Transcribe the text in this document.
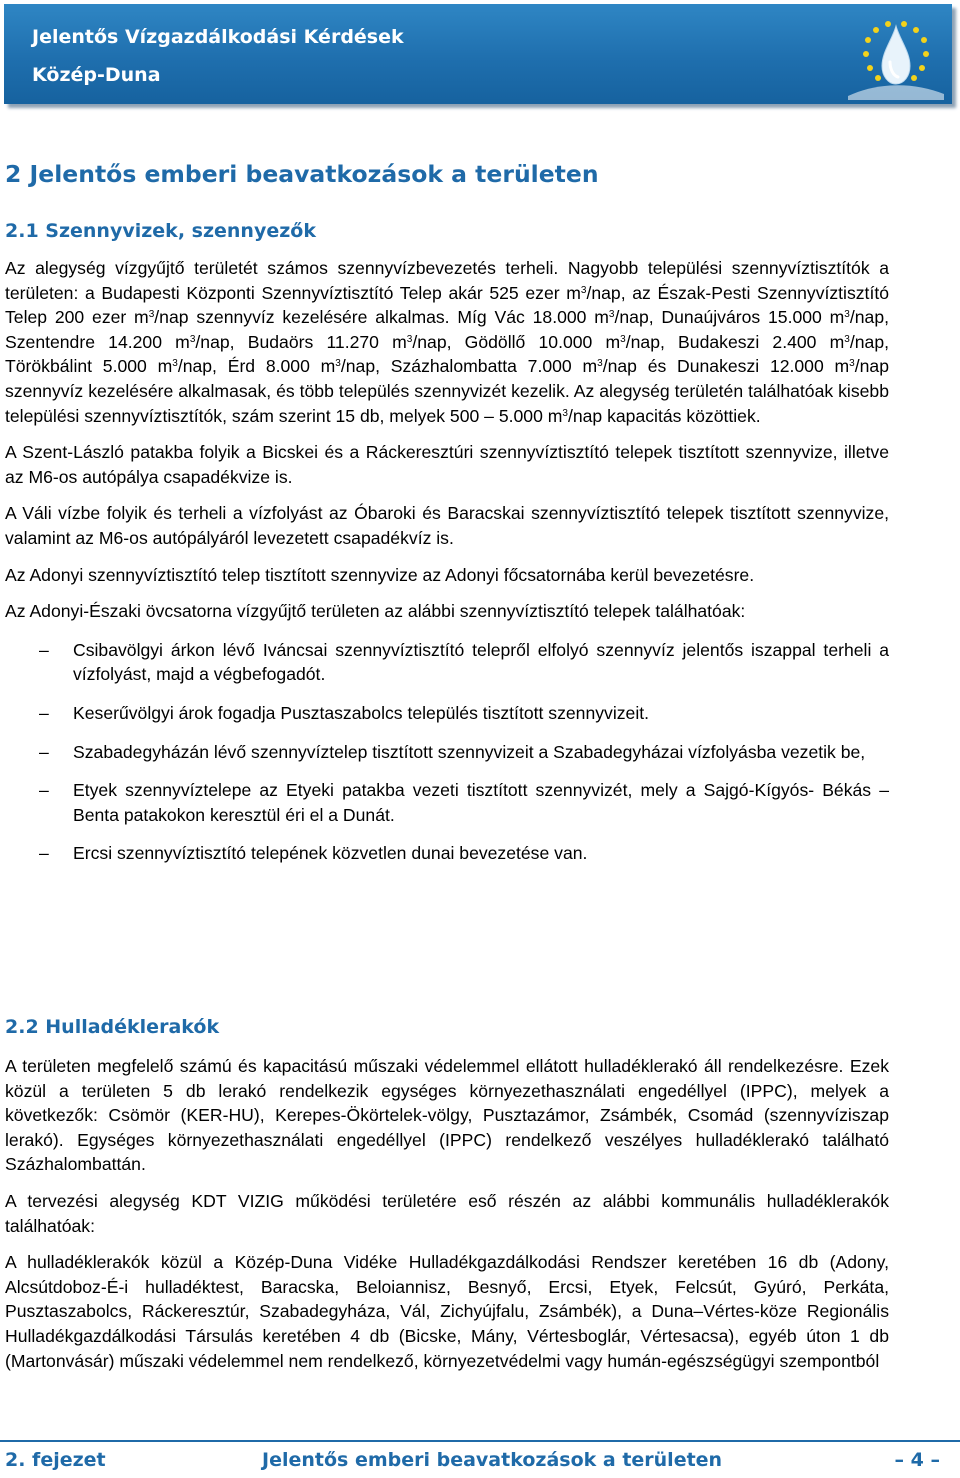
Jelentős Vízgazdálkodási Kérdések
Közép-Duna
2 Jelentős emberi beavatkozások a területen
2.1 Szennyvizek, szennyezők

Az alegység vízgyűjtő területét számos szennyvízbevezetés terheli. Nagyobb települési szennyvíztisztítók a területen: a Budapesti Központi Szennyvíztisztító Telep akár 525 ezer $m^3$/nap, az Észak-Pesti Szennyvíztisztító Telep 200 ezer $m^3$/nap szennyvíz kezelésére alkalmas. Míg Vác 18.000 $m^3$/nap, Dunaújváros 15.000 $m^3$/nap, Szentendre 14.200 $m^3$/nap, Budaörs 11.270 $m^3$/nap, Gödöllő 10.000 $m^3$/nap, Budakeszi 2.400 $m^3$/nap, Törökbálint 5.000 $m^3$/nap, Érd 8.000 $m^3$/nap, Százhalombatta 7.000 $m^3$/nap és Dunakeszi 12.000 $m^3$/nap szennyvíz kezelésére alkalmasak, és több település szennyvizét kezelik. Az alegység területén találhatóak kisebb települési szennyvíztisztítók, szám szerint 15 db, melyek 500 – 5.000 $m^3$/nap kapacitás közöttiek.

A Szent-László patakba folyik a Bicskei és a Ráckeresztúri szennyvíztisztító telepek tisztított szennyvize, illetve az M6-os autópálya csapadékvize is.

A Váli vízbe folyik és terheli a vízfolyást az Óbaroki és Baracskai szennyvíztisztító telepek tisztított szennyvize, valamint az M6-os autópályáról levezetett csapadékvíz is.

Az Adonyi szennyvíztisztító telep tisztított szennyvize az Adonyi főcsatornába kerül bevezetésre.

Az Adonyi-Északi övcsatorna vízgyűjtő területen az alábbi szennyvíztisztító telepek találhatóak:

– Csibavölgyi árkon lévő Iváncsai szennyvíztisztító telepről elfolyó szennyvíz jelentős iszappal terheli a vízfolyást, majd a végbefogadót.
– Keserűvölgyi árok fogadja Pusztaszabolcs település tisztított szennyvizeit.
– Szabadegyházán lévő szennyvíztelep tisztított szennyvizeit a Szabadegyházai vízfolyásba vezetik be,
– Etyek szennyvíztelepe az Etyeki patakba vezeti tisztított szennyvizét, mely a Sajgó-Kígyós- Békás – Benta patakokon keresztül éri el a Dunát.
– Ercsi szennyvíztisztító telepének közvetlen dunai bevezetése van.
2.2 Hulladéklerakók

A területen megfelelő számú és kapacitású műszaki védelemmel ellátott hulladéklerakó áll rendelkezésre. Ezek közül a területen 5 db lerakó rendelkezik egységes környezethasználati engedéllyel (IPPC), melyek a következők: Csömör (KER-HU), Kerepes-Ökörtelek-völgy, Pusztazámor, Zsámbék, Csomád (szennyvíziszap lerakó). Egységes környezethasználati engedéllyel (IPPC) rendelkező veszélyes hulladéklerakó található Százhalombattán.

A tervezési alegység KDT VIZIG működési területére eső részén az alábbi kommunális hulladéklerakók találhatóak:

A hulladéklerakók közül a Közép-Duna Vidéke Hulladékgazdálkodási Rendszer keretében 16 db (Adony, Alcsútdoboz-É-i hulladéktest, Baracska, Beloiannisz, Besnyő, Ercsi, Etyek, Felcsút, Gyúró, Perkáta, Pusztaszabolcs, Ráckeresztúr, Szabadegyháza, Vál, Zichyújfalu, Zsámbék), a Duna–Vértes-köze Regionális Hulladékgazdálkodási Társulás keretében 4 db (Bicske, Mány, Vértesboglár, Vértesacsa), egyéb úton 1 db (Martonvásár) műszaki védelemmel nem rendelkező, környezetvédelmi vagy humán-egészségügyi szempontból

2. fejezet	Jelentős emberi beavatkozások a területen	– 4 –
